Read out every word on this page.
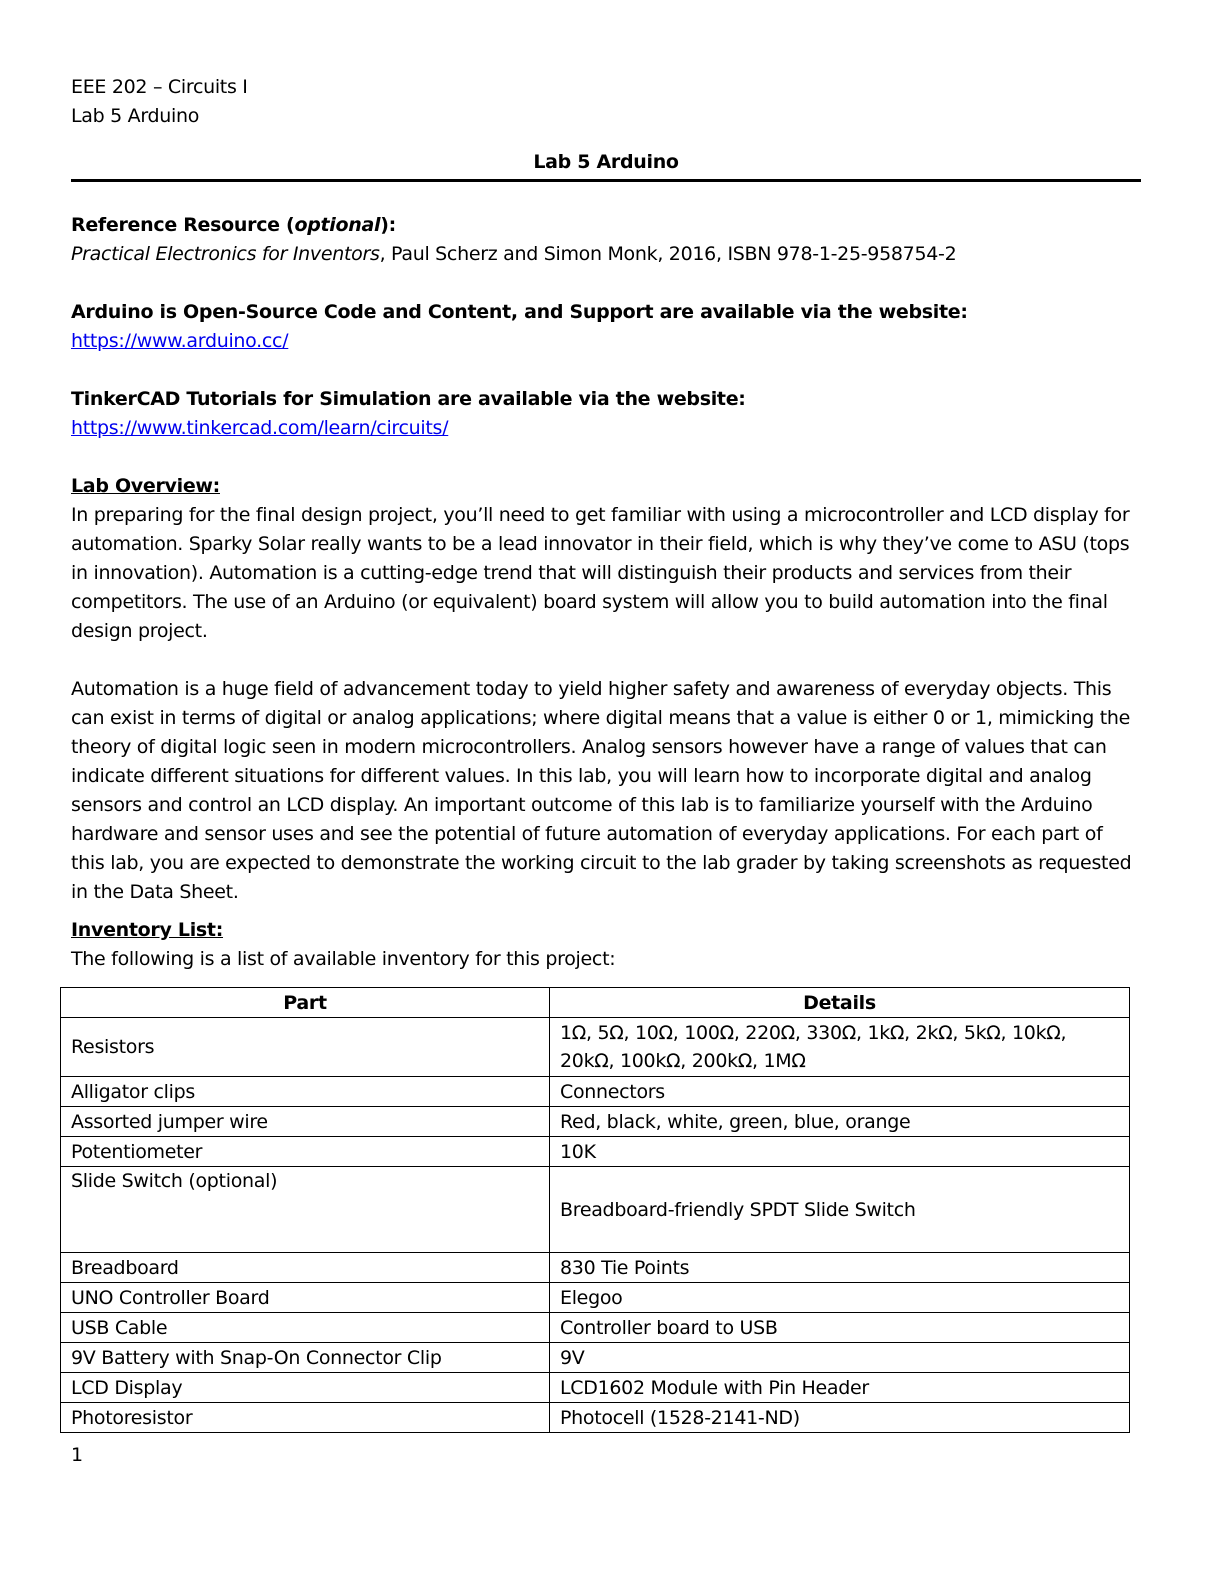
EEE 202 – Circuits I
Lab 5 Arduino
Lab 5 Arduino
Reference Resource (optional):
Practical Electronics for Inventors, Paul Scherz and Simon Monk, 2016, ISBN 978-1-25-958754-2
Arduino is Open-Source Code and Content, and Support are available via the website:
https://www.arduino.cc/
TinkerCAD Tutorials for Simulation are available via the website:
https://www.tinkercad.com/learn/circuits/
Lab Overview:

In preparing for the final design project, you’ll need to get familiar with using a microcontroller and LCD display for automation. Sparky Solar really wants to be a lead innovator in their field, which is why they’ve come to ASU (tops in innovation). Automation is a cutting-edge trend that will distinguish their products and services from their competitors. The use of an Arduino (or equivalent) board system will allow you to build automation into the final design project.

Automation is a huge field of advancement today to yield higher safety and awareness of everyday objects. This can exist in terms of digital or analog applications; where digital means that a value is either 0 or 1, mimicking the theory of digital logic seen in modern microcontrollers. Analog sensors however have a range of values that can indicate different situations for different values. In this lab, you will learn how to incorporate digital and analog sensors and control an LCD display. An important outcome of this lab is to familiarize yourself with the Arduino hardware and sensor uses and see the potential of future automation of everyday applications. For each part of this lab, you are expected to demonstrate the working circuit to the lab grader by taking screenshots as requested in the Data Sheet.

Inventory List:
The following is a list of available inventory for this project:
Part	Details
Resistors	1Ω, 5Ω, 10Ω, 100Ω, 220Ω, 330Ω, 1kΩ, 2kΩ, 5kΩ, 10kΩ, 20kΩ, 100kΩ, 200kΩ, 1MΩ
Alligator clips	Connectors
Assorted jumper wire	Red, black, white, green, blue, orange
Potentiometer	10K
Slide Switch (optional)	Breadboard-friendly SPDT Slide Switch
Breadboard	830 Tie Points
UNO Controller Board	Elegoo
USB Cable	Controller board to USB
9V Battery with Snap-On Connector Clip	9V
LCD Display	LCD1602 Module with Pin Header
Photoresistor	Photocell (1528-2141-ND)
1
